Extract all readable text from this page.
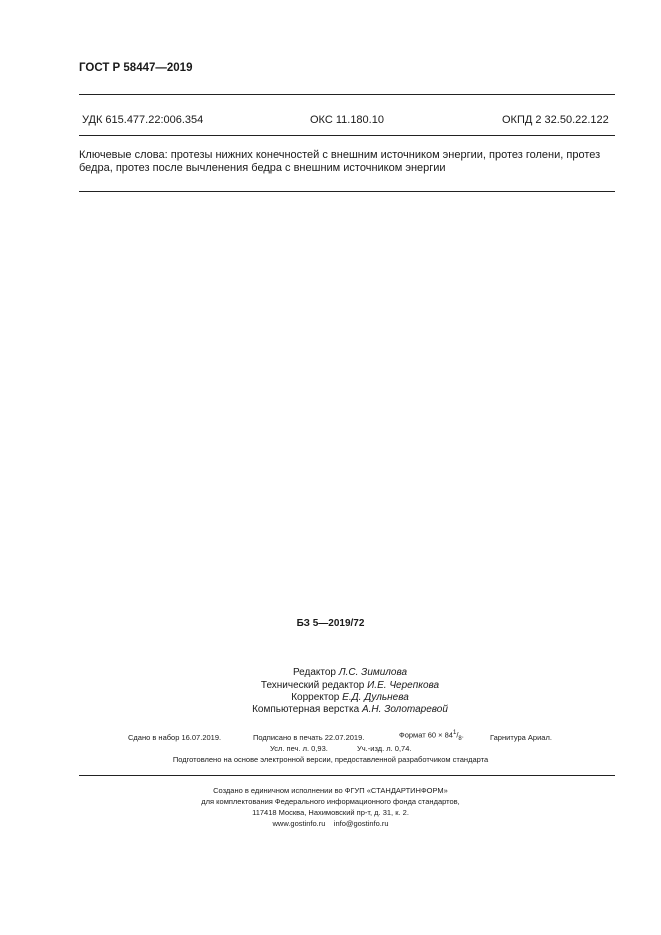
ГОСТ Р 58447—2019
УДК 615.477.22:006.354	ОКС 11.180.10	ОКПД 2 32.50.22.122
Ключевые слова: протезы нижних конечностей с внешним источником энергии, протез голени, протез бедра, протез после вычленения бедра с внешним источником энергии
БЗ 5—2019/72
Редактор Л.С. Зимилова
Технический редактор И.Е. Черепкова
Корректор Е.Д. Дульнева
Компьютерная верстка А.Н. Золотаревой
Сдано в набор 16.07.2019.	Подписано в печать 22.07.2019.	Формат $60 \times 84^1/_8$.	Гарнитура Ариал.
Усл. печ. л. 0,93.	Уч.-изд. л. 0,74.
Подготовлено на основе электронной версии, предоставленной разработчиком стандарта
Создано в единичном исполнении во ФГУП «СТАНДАРТИНФОРМ»
для комплектования Федерального информационного фонда стандартов,
117418 Москва, Нахимовский пр-т, д. 31, к. 2.
www.gostinfo.ru info@gostinfo.ru
